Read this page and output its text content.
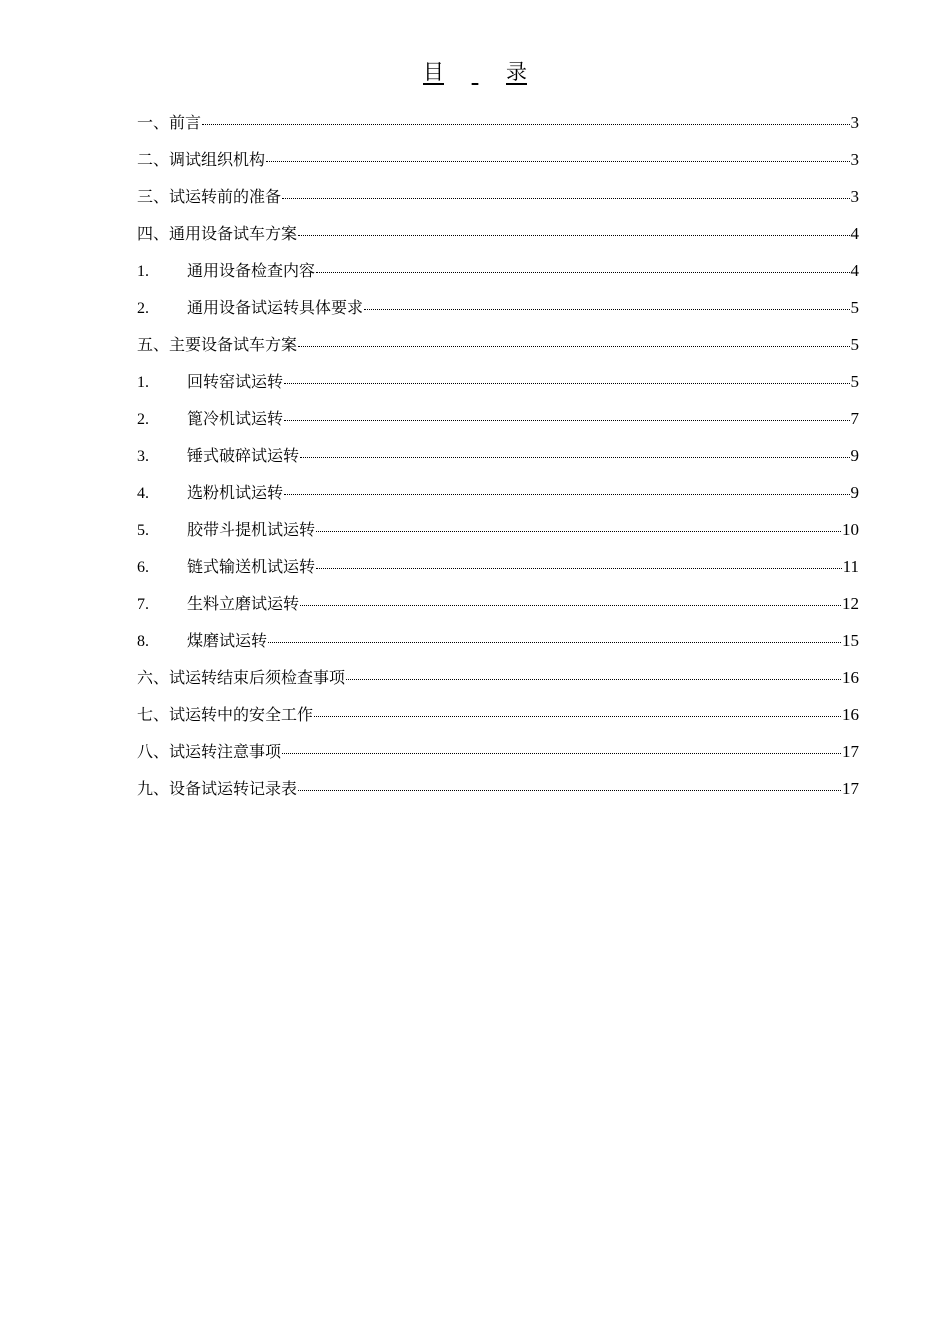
目	录
一、 前言	3
二、 调试组织机构	3
三、 试运转前的准备	3
四、 通用设备试车方案	4
1.	通用设备检查内容	4
2.	通用设备试运转具体要求	5
五、 主要设备试车方案	5
1.	回转窑试运转	5
2.	篦冷机试运转	7
3.	锤式破碎试运转	9
4.	选粉机试运转	9
5.	胶带斗提机试运转	10
6.	链式输送机试运转	11
7.	生料立磨试运转	12
8.	煤磨试运转	15
六、 试运转结束后须检查事项	16
七、 试运转中的安全工作	16
八、 试运转注意事项	17
九、 设备试运转记录表	17
